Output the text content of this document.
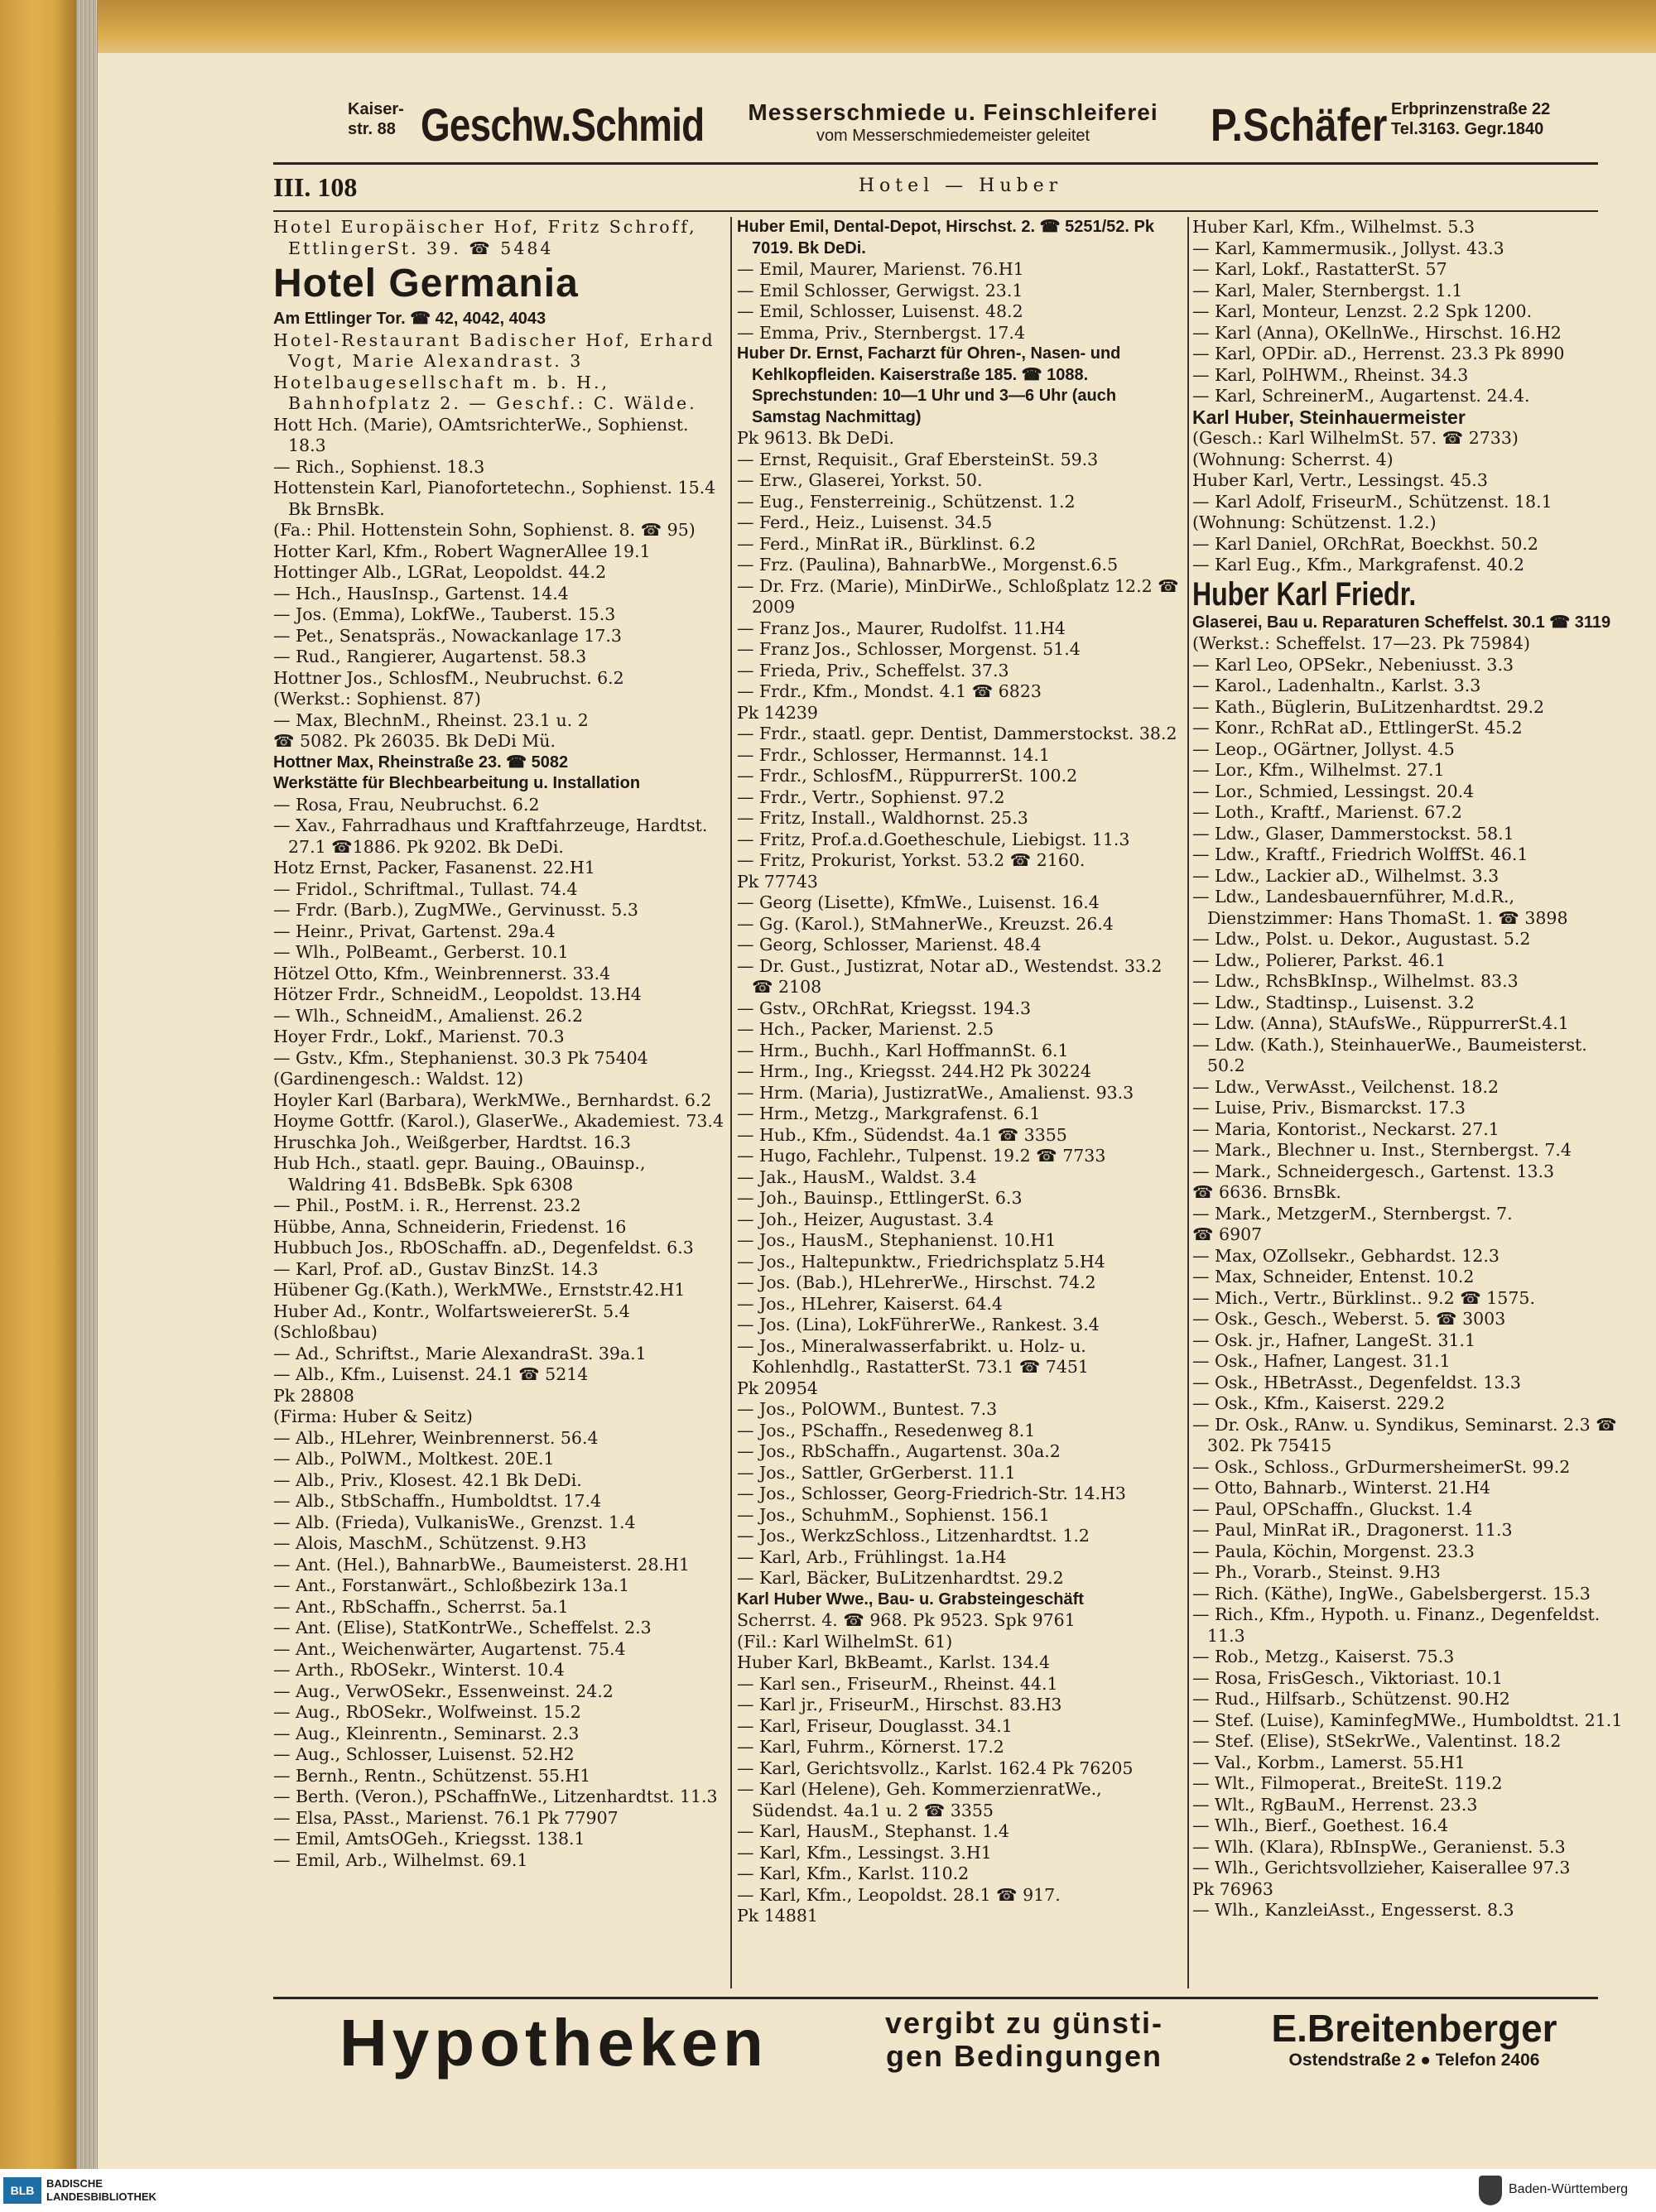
Kaiser-
str. 88 Geschw.Schmid	Messerschmiede u. Feinschleiferei
vom Messerschmiedemeister geleitet	P.Schäfer Erbprinzenstraße 22
Tel.3163. Gegr.1840
III. 108	Hotel — Huber

Hotel Europäischer Hof, Fritz Schroff, EttlingerSt. 39. ☎ 5484

Hotel Germania

Am Ettlinger Tor. ☎ 42, 4042, 4043

Hotel-Restaurant Badischer Hof, Erhard Vogt, Marie Alexandrast. 3

Hotelbaugesellschaft m. b. H., Bahnhofplatz 2. — Geschf.: C. Wälde.

Hott Hch. (Marie), OAmtsrichterWe., Sophienst. 18.3

— Rich., Sophienst. 18.3

Hottenstein Karl, Pianofortetechn., Sophienst. 15.4 Bk BrnsBk.

(Fa.: Phil. Hottenstein Sohn, Sophienst. 8. ☎ 95)

Hotter Karl, Kfm., Robert WagnerAllee 19.1

Hottinger Alb., LGRat, Leopoldst. 44.2

— Hch., HausInsp., Gartenst. 14.4

— Jos. (Emma), LokfWe., Tauberst. 15.3

— Pet., Senatspräs., Nowackanlage 17.3

— Rud., Rangierer, Augartenst. 58.3

Hottner Jos., SchlosfM., Neubruchst. 6.2

(Werkst.: Sophienst. 87)

— Max, BlechnM., Rheinst. 23.1 u. 2

☎ 5082. Pk 26035. Bk DeDi Mü.

Hottner Max, Rheinstraße 23. ☎ 5082

Werkstätte für Blechbearbeitung u. Installation

— Rosa, Frau, Neubruchst. 6.2

— Xav., Fahrradhaus und Kraftfahrzeuge, Hardtst. 27.1 ☎1886. Pk 9202. Bk DeDi.

Hotz Ernst, Packer, Fasanenst. 22.H1

— Fridol., Schriftmal., Tullast. 74.4

— Frdr. (Barb.), ZugMWe., Gervinusst. 5.3

— Heinr., Privat, Gartenst. 29a.4

— Wlh., PolBeamt., Gerberst. 10.1

Hötzel Otto, Kfm., Weinbrennerst. 33.4

Hötzer Frdr., SchneidM., Leopoldst. 13.H4

— Wlh., SchneidM., Amalienst. 26.2

Hoyer Frdr., Lokf., Marienst. 70.3

— Gstv., Kfm., Stephanienst. 30.3 Pk 75404

(Gardinengesch.: Waldst. 12)

Hoyler Karl (Barbara), WerkMWe., Bernhardst. 6.2

Hoyme Gottfr. (Karol.), GlaserWe., Akademiest. 73.4

Hruschka Joh., Weißgerber, Hardtst. 16.3

Hub Hch., staatl. gepr. Bauing., OBauinsp., Waldring 41. BdsBeBk. Spk 6308

— Phil., PostM. i. R., Herrenst. 23.2

Hübbe, Anna, Schneiderin, Friedenst. 16

Hubbuch Jos., RbOSchaffn. aD., Degenfeldst. 6.3

— Karl, Prof. aD., Gustav BinzSt. 14.3

Hübener Gg.(Kath.), WerkMWe., Ernststr.42.H1

Huber Ad., Kontr., WolfartsweiererSt. 5.4

(Schloßbau)

— Ad., Schriftst., Marie AlexandraSt. 39a.1

— Alb., Kfm., Luisenst. 24.1 ☎ 5214

Pk 28808

(Firma: Huber & Seitz)

— Alb., HLehrer, Weinbrennerst. 56.4

— Alb., PolWM., Moltkest. 20E.1

— Alb., Priv., Klosest. 42.1 Bk DeDi.

— Alb., StbSchaffn., Humboldtst. 17.4

— Alb. (Frieda), VulkanisWe., Grenzst. 1.4

— Alois, MaschM., Schützenst. 9.H3

— Ant. (Hel.), BahnarbWe., Baumeisterst. 28.H1

— Ant., Forstanwärt., Schloßbezirk 13a.1

— Ant., RbSchaffn., Scherrst. 5a.1

— Ant. (Elise), StatKontrWe., Scheffelst. 2.3

— Ant., Weichenwärter, Augartenst. 75.4

— Arth., RbOSekr., Winterst. 10.4

— Aug., VerwOSekr., Essenweinst. 24.2

— Aug., RbOSekr., Wolfweinst. 15.2

— Aug., Kleinrentn., Seminarst. 2.3

— Aug., Schlosser, Luisenst. 52.H2

— Bernh., Rentn., Schützenst. 55.H1

— Berth. (Veron.), PSchaffnWe., Litzenhardtst. 11.3

— Elsa, PAsst., Marienst. 76.1 Pk 77907

— Emil, AmtsOGeh., Kriegsst. 138.1

— Emil, Arb., Wilhelmst. 69.1

Huber Emil, Dental-Depot, Hirschst. 2. ☎ 5251/52. Pk 7019. Bk DeDi.

— Emil, Maurer, Marienst. 76.H1

— Emil Schlosser, Gerwigst. 23.1

— Emil, Schlosser, Luisenst. 48.2

— Emma, Priv., Sternbergst. 17.4

Huber Dr. Ernst, Facharzt für Ohren-, Nasen- und Kehlkopfleiden. Kaiserstraße 185. ☎ 1088. Sprechstunden: 10—1 Uhr und 3—6 Uhr (auch Samstag Nachmittag)

Pk 9613. Bk DeDi.

— Ernst, Requisit., Graf EbersteinSt. 59.3

— Erw., Glaserei, Yorkst. 50.

— Eug., Fensterreinig., Schützenst. 1.2

— Ferd., Heiz., Luisenst. 34.5

— Ferd., MinRat iR., Bürklinst. 6.2

— Frz. (Paulina), BahnarbWe., Morgenst.6.5

— Dr. Frz. (Marie), MinDirWe., Schloßplatz 12.2 ☎ 2009

— Franz Jos., Maurer, Rudolfst. 11.H4

— Franz Jos., Schlosser, Morgenst. 51.4

— Frieda, Priv., Scheffelst. 37.3

— Frdr., Kfm., Mondst. 4.1 ☎ 6823

Pk 14239

— Frdr., staatl. gepr. Dentist, Dammerstockst. 38.2

— Frdr., Schlosser, Hermannst. 14.1

— Frdr., SchlosfM., RüppurrerSt. 100.2

— Frdr., Vertr., Sophienst. 97.2

— Fritz, Install., Waldhornst. 25.3

— Fritz, Prof.a.d.Goetheschule, Liebigst. 11.3

— Fritz, Prokurist, Yorkst. 53.2 ☎ 2160.

Pk 77743

— Georg (Lisette), KfmWe., Luisenst. 16.4

— Gg. (Karol.), StMahnerWe., Kreuzst. 26.4

— Georg, Schlosser, Marienst. 48.4

— Dr. Gust., Justizrat, Notar aD., Westendst. 33.2 ☎ 2108

— Gstv., ORchRat, Kriegsst. 194.3

— Hch., Packer, Marienst. 2.5

— Hrm., Buchh., Karl HoffmannSt. 6.1

— Hrm., Ing., Kriegsst. 244.H2 Pk 30224

— Hrm. (Maria), JustizratWe., Amalienst. 93.3

— Hrm., Metzg., Markgrafenst. 6.1

— Hub., Kfm., Südendst. 4a.1 ☎ 3355

— Hugo, Fachlehr., Tulpenst. 19.2 ☎ 7733

— Jak., HausM., Waldst. 3.4

— Joh., Bauinsp., EttlingerSt. 6.3

— Joh., Heizer, Augustast. 3.4

— Jos., HausM., Stephanienst. 10.H1

— Jos., Haltepunktw., Friedrichsplatz 5.H4

— Jos. (Bab.), HLehrerWe., Hirschst. 74.2

— Jos., HLehrer, Kaiserst. 64.4

— Jos. (Lina), LokFührerWe., Rankest. 3.4

— Jos., Mineralwasserfabrikt. u. Holz- u. Kohlenhdlg., RastatterSt. 73.1 ☎ 7451

Pk 20954

— Jos., PolOWM., Buntest. 7.3

— Jos., PSchaffn., Resedenweg 8.1

— Jos., RbSchaffn., Augartenst. 30a.2

— Jos., Sattler, GrGerberst. 11.1

— Jos., Schlosser, Georg-Friedrich-Str. 14.H3

— Jos., SchuhmM., Sophienst. 156.1

— Jos., WerkzSchloss., Litzenhardtst. 1.2

— Karl, Arb., Frühlingst. 1a.H4

— Karl, Bäcker, BuLitzenhardtst. 29.2

Karl Huber Wwe., Bau- u. Grabsteingeschäft

Scherrst. 4. ☎ 968. Pk 9523. Spk 9761

(Fil.: Karl WilhelmSt. 61)

Huber Karl, BkBeamt., Karlst. 134.4

— Karl sen., FriseurM., Rheinst. 44.1

— Karl jr., FriseurM., Hirschst. 83.H3

— Karl, Friseur, Douglasst. 34.1

— Karl, Fuhrm., Körnerst. 17.2

— Karl, Gerichtsvollz., Karlst. 162.4 Pk 76205

— Karl (Helene), Geh. KommerzienratWe., Südendst. 4a.1 u. 2 ☎ 3355

— Karl, HausM., Stephanst. 1.4

— Karl, Kfm., Lessingst. 3.H1

— Karl, Kfm., Karlst. 110.2

— Karl, Kfm., Leopoldst. 28.1 ☎ 917.

Pk 14881

Huber Karl, Kfm., Wilhelmst. 5.3

— Karl, Kammermusik., Jollyst. 43.3

— Karl, Lokf., RastatterSt. 57

— Karl, Maler, Sternbergst. 1.1

— Karl, Monteur, Lenzst. 2.2 Spk 1200.

— Karl (Anna), OKellnWe., Hirschst. 16.H2

— Karl, OPDir. aD., Herrenst. 23.3 Pk 8990

— Karl, PolHWM., Rheinst. 34.3

— Karl, SchreinerM., Augartenst. 24.4.

Karl Huber, Steinhauermeister

(Gesch.: Karl WilhelmSt. 57. ☎ 2733)

(Wohnung: Scherrst. 4)

Huber Karl, Vertr., Lessingst. 45.3

— Karl Adolf, FriseurM., Schützenst. 18.1

(Wohnung: Schützenst. 1.2.)

— Karl Daniel, ORchRat, Boeckhst. 50.2

— Karl Eug., Kfm., Markgrafenst. 40.2

Huber Karl Friedr.

Glaserei, Bau u. Reparaturen Scheffelst. 30.1 ☎ 3119

(Werkst.: Scheffelst. 17—23. Pk 75984)

— Karl Leo, OPSekr., Nebeniusst. 3.3

— Karol., Ladenhaltn., Karlst. 3.3

— Kath., Büglerin, BuLitzenhardtst. 29.2

— Konr., RchRat aD., EttlingerSt. 45.2

— Leop., OGärtner, Jollyst. 4.5

— Lor., Kfm., Wilhelmst. 27.1

— Lor., Schmied, Lessingst. 20.4

— Loth., Kraftf., Marienst. 67.2

— Ldw., Glaser, Dammerstockst. 58.1

— Ldw., Kraftf., Friedrich WolffSt. 46.1

— Ldw., Lackier aD., Wilhelmst. 3.3

— Ldw., Landesbauernführer, M.d.R., Dienstzimmer: Hans ThomaSt. 1. ☎ 3898

— Ldw., Polst. u. Dekor., Augustast. 5.2

— Ldw., Polierer, Parkst. 46.1

— Ldw., RchsBkInsp., Wilhelmst. 83.3

— Ldw., Stadtinsp., Luisenst. 3.2

— Ldw. (Anna), StAufsWe., RüppurrerSt.4.1

— Ldw. (Kath.), SteinhauerWe., Baumeisterst. 50.2

— Ldw., VerwAsst., Veilchenst. 18.2

— Luise, Priv., Bismarckst. 17.3

— Maria, Kontorist., Neckarst. 27.1

— Mark., Blechner u. Inst., Sternbergst. 7.4

— Mark., Schneidergesch., Gartenst. 13.3

☎ 6636. BrnsBk.

— Mark., MetzgerM., Sternbergst. 7.

☎ 6907

— Max, OZollsekr., Gebhardst. 12.3

— Max, Schneider, Entenst. 10.2

— Mich., Vertr., Bürklinst.. 9.2 ☎ 1575.

— Osk., Gesch., Weberst. 5. ☎ 3003

— Osk. jr., Hafner, LangeSt. 31.1

— Osk., Hafner, Langest. 31.1

— Osk., HBetrAsst., Degenfeldst. 13.3

— Osk., Kfm., Kaiserst. 229.2

— Dr. Osk., RAnw. u. Syndikus, Seminarst. 2.3 ☎ 302. Pk 75415

— Osk., Schloss., GrDurmersheimerSt. 99.2

— Otto, Bahnarb., Winterst. 21.H4

— Paul, OPSchaffn., Gluckst. 1.4

— Paul, MinRat iR., Dragonerst. 11.3

— Paula, Köchin, Morgenst. 23.3

— Ph., Vorarb., Steinst. 9.H3

— Rich. (Käthe), IngWe., Gabelsbergerst. 15.3

— Rich., Kfm., Hypoth. u. Finanz., Degenfeldst. 11.3

— Rob., Metzg., Kaiserst. 75.3

— Rosa, FrisGesch., Viktoriast. 10.1

— Rud., Hilfsarb., Schützenst. 90.H2

— Stef. (Luise), KaminfegMWe., Humboldtst. 21.1

— Stef. (Elise), StSekrWe., Valentinst. 18.2

— Val., Korbm., Lamerst. 55.H1

— Wlt., Filmoperat., BreiteSt. 119.2

— Wlt., RgBauM., Herrenst. 23.3

— Wlh., Bierf., Goethest. 16.4

— Wlh. (Klara), RbInspWe., Geranienst. 5.3

— Wlh., Gerichtsvollzieher, Kaiserallee 97.3

Pk 76963

— Wlh., KanzleiAsst., Engesserst. 8.3

Hypotheken	vergibt zu günsti-
gen Bedingungen
E.Breitenberger
Ostendstraße 2 ● Telefon 2406
BLB
BADISCHE
LANDESBIBLIOTHEK
Baden-Württemberg
